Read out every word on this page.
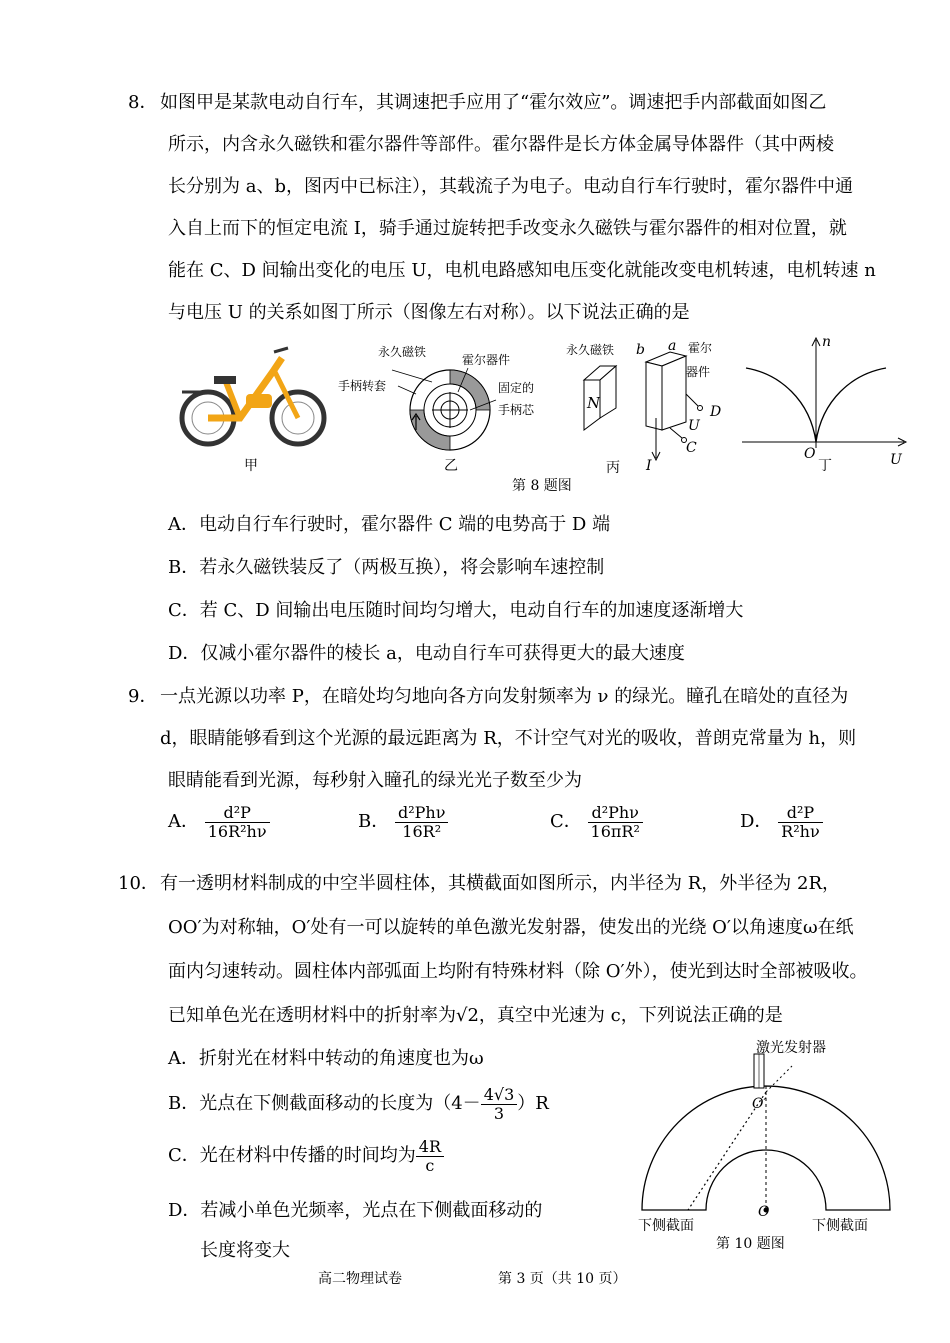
8． 如图甲是某款电动自行车，其调速把手应用了“霍尔效应”。调速把手内部截面如图乙
所示，内含永久磁铁和霍尔器件等部件。霍尔器件是长方体金属导体器件（其中两棱
长分别为 a、b，图丙中已标注），其载流子为电子。电动自行车行驶时，霍尔器件中通
入自上而下的恒定电流 I，骑手通过旋转把手改变永久磁铁与霍尔器件的相对位置，就
能在 C、D 间输出变化的电压 U，电机电路感知电压变化就能改变电机转速，电机转速 n
与电压 U 的关系如图丁所示（图像左右对称）。以下说法正确的是
甲
永久磁铁
霍尔器件
手柄转套	固定的
手柄芯
乙
永久磁铁	霍尔
器件
N
a
b
C
D
U
I
丙
n
O	U
丁
第 8 题图
A．电动自行车行驶时，霍尔器件 C 端的电势高于 D 端
B．若永久磁铁装反了（两极互换），将会影响车速控制
C．若 C、D 间输出电压随时间均匀增大，电动自行车的加速度逐渐增大
D．仅减小霍尔器件的棱长 a，电动自行车可获得更大的最大速度
9． 一点光源以功率 P，在暗处均匀地向各方向发射频率为 ν 的绿光。瞳孔在暗处的直径为
d，眼睛能够看到这个光源的最远距离为 R，不计空气对光的吸收，普朗克常量为 h，则
眼睛能看到光源，每秒射入瞳孔的绿光光子数至少为
A． $\frac{\text{d²P}}{\text{16R²hν}}$	B． $\frac{\text{d²Phν}}{\text{16R²}}$	C． $\frac{\text{d²Phν}}{\text{16πR²}}$	D． $\frac{\text{d²P}}{\text{R²hν}}$
10． 有一透明材料制成的中空半圆柱体，其横截面如图所示，内半径为 R，外半径为 2R，
OO′为对称轴，O′处有一可以旋转的单色激光发射器，使发出的光绕 O′以角速度ω在纸
面内匀速转动。圆柱体内部弧面上均附有特殊材料（除 O′外），使光到达时全部被吸收。
已知单色光在透明材料中的折射率为√2，真空中光速为 c，下列说法正确的是
A．折射光在材料中转动的角速度也为ω
B．光点在下侧截面移动的长度为$(4- \frac{4√3}{3} )R$
C．光在材料中传播的时间均为 $\frac{4R}{c}$
D．若减小单色光频率，光点在下侧截面移动的
长度将变大
激光发射器
O′
O
下侧截面	下侧截面
第 10 题图
高二物理试卷	第 3 页（共 10 页）
